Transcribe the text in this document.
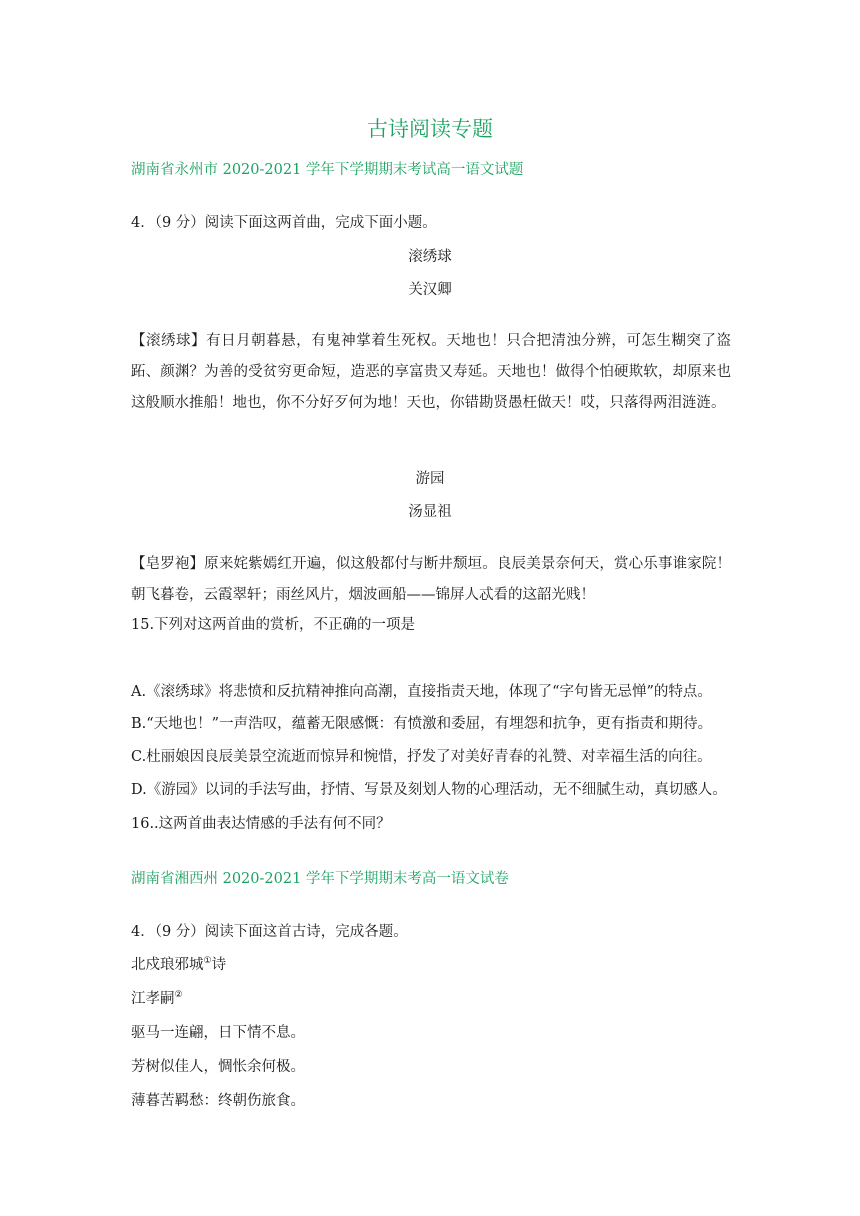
古诗阅读专题
湖南省永州市 2020-2021 学年下学期期末考试高一语文试题
4．（9 分）阅读下面这两首曲，完成下面小题。
滚绣球
关汉卿
【滚绣球】有日月朝暮悬，有鬼神掌着生死权。天地也！只合把清浊分辨，可怎生糊突了盗跖、颜渊？为善的受贫穷更命短，造恶的享富贵又寿延。天地也！做得个怕硬欺软，却原来也这般顺水推船！地也，你不分好歹何为地！天也，你错勘贤愚枉做天！哎，只落得两泪涟涟。
游园
汤显祖
【皂罗袍】原来姹紫嫣红开遍，似这般都付与断井颓垣。良辰美景奈何天，赏心乐事谁家院！朝飞暮卷，云霞翠轩；雨丝风片，烟波画船——锦屏人忒看的这韶光贱！
15.下列对这两首曲的赏析，不正确的一项是
A.《滚绣球》将悲愤和反抗精神推向高潮，直接指责天地，体现了“字句皆无忌惮”的特点。
B.“天地也！”一声浩叹，蕴蓄无限感慨：有愤激和委屈，有埋怨和抗争，更有指责和期待。
C.杜丽娘因良辰美景空流逝而惊异和惋惜，抒发了对美好青春的礼赞、对幸福生活的向往。
D.《游园》以词的手法写曲，抒情、写景及刻划人物的心理活动，无不细腻生动，真切感人。
16..这两首曲表达情感的手法有何不同？
湖南省湘西州 2020-2021 学年下学期期末考高一语文试卷
4．（9 分）阅读下面这首古诗，完成各题。
北戍琅邪城①诗
江孝嗣②
驱马一连翩，日下情不息。
芳树似佳人，惆怅余何极。
薄暮苦羁愁：终朝伤旅食。
